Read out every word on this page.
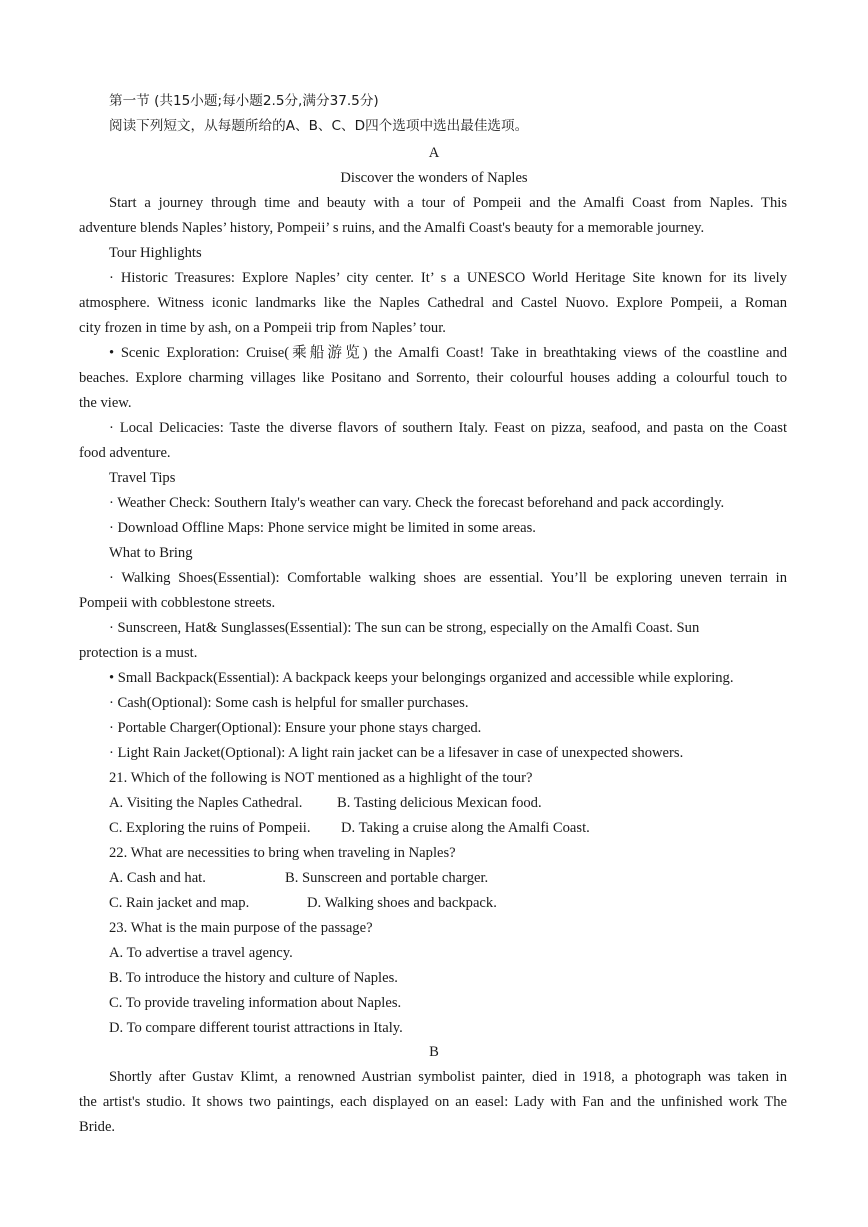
第一节 (共15小题;每小题2.5分,满分37.5分)
阅读下列短文，从每题所给的A、B、C、D四个选项中选出最佳选项。
A
Discover the wonders of Naples
Start a journey through time and beauty with a tour of Pompeii and the Amalfi Coast from Naples. This
adventure blends Naples’ history, Pompeii’ s ruins, and the Amalfi Coast's beauty for a memorable journey.
Tour Highlights
· Historic Treasures: Explore Naples’ city center. It’ s a UNESCO World Heritage Site known for its lively
atmosphere. Witness iconic landmarks like the Naples Cathedral and Castel Nuovo. Explore Pompeii, a Roman
city frozen in time by ash, on a Pompeii trip from Naples’ tour.
• Scenic Exploration: Cruise(乘船游览) the Amalfi Coast! Take in breathtaking views of the coastline and
beaches. Explore charming villages like Positano and Sorrento, their colourful houses adding a colourful touch to
the view.
· Local Delicacies: Taste the diverse flavors of southern Italy. Feast on pizza, seafood, and pasta on the Coast
food adventure.
Travel Tips
· Weather Check: Southern Italy's weather can vary. Check the forecast beforehand and pack accordingly.
· Download Offline Maps: Phone service might be limited in some areas.
What to Bring
· Walking Shoes(Essential): Comfortable walking shoes are essential. You’ll be exploring uneven terrain in
Pompeii with cobblestone streets.
· Sunscreen, Hat& Sunglasses(Essential): The sun can be strong, especially on the Amalfi Coast. Sun
protection is a must.
• Small Backpack(Essential): A backpack keeps your belongings organized and accessible while exploring.
· Cash(Optional): Some cash is helpful for smaller purchases.
· Portable Charger(Optional): Ensure your phone stays charged.
· Light Rain Jacket(Optional): A light rain jacket can be a lifesaver in case of unexpected showers.
21. Which of the following is NOT mentioned as a highlight of the tour?
A. Visiting the Naples Cathedral. B. Tasting delicious Mexican food.
C. Exploring the ruins of Pompeii. D. Taking a cruise along the Amalfi Coast.
22. What are necessities to bring when traveling in Naples?
A. Cash and hat.	B. Sunscreen and portable charger.
C. Rain jacket and map.	D. Walking shoes and backpack.
23. What is the main purpose of the passage?
A. To advertise a travel agency.
B. To introduce the history and culture of Naples.
C. To provide traveling information about Naples.
D. To compare different tourist attractions in Italy.
B
Shortly after Gustav Klimt, a renowned Austrian symbolist painter, died in 1918, a photograph was taken in
the artist's studio. It shows two paintings, each displayed on an easel: Lady with Fan and the unfinished work The
Bride.
